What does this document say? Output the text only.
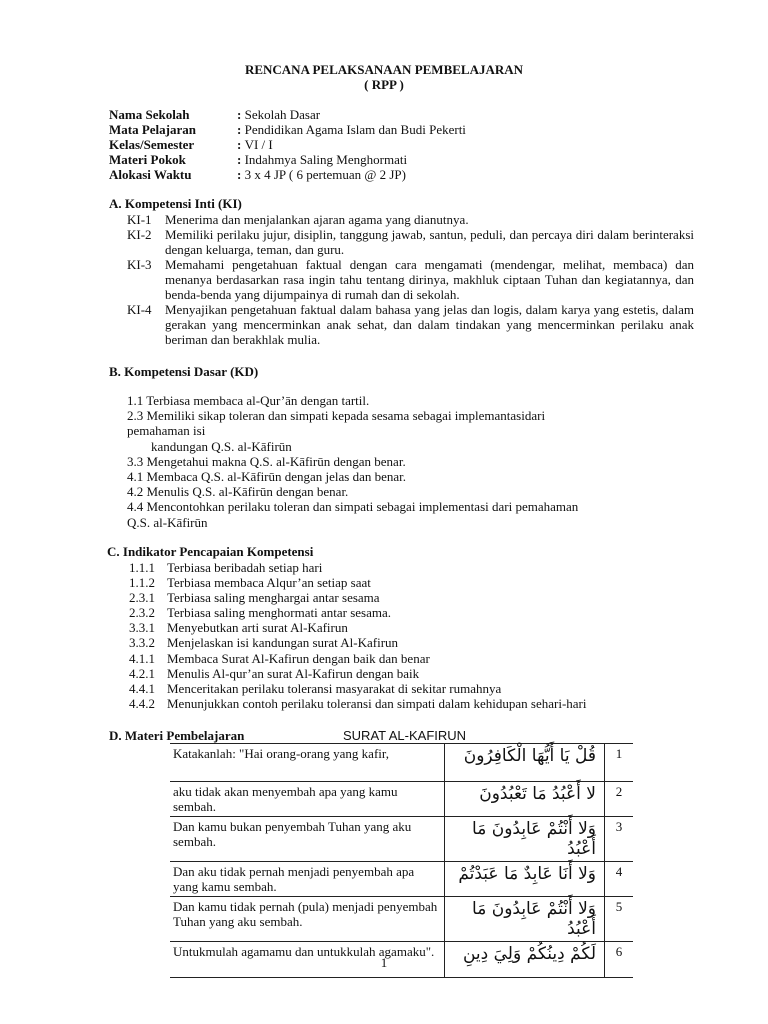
RENCANA PELAKSANAAN PEMBELAJARAN
( RPP )
Nama Sekolah	: Sekolah Dasar
Mata Pelajaran	: Pendidikan Agama Islam dan Budi Pekerti
Kelas/Semester	: VI / I
Materi Pokok	: Indahmya Saling Menghormati
Alokasi Waktu	: 3 x 4 JP ( 6 pertemuan @ 2 JP)
A. Kompetensi Inti (KI)
KI-1	Menerima dan menjalankan ajaran agama yang dianutnya.
KI-2	Memiliki perilaku jujur, disiplin, tanggung jawab, santun, peduli, dan percaya diri dalam berinteraksi dengan keluarga, teman, dan guru.
KI-3	Memahami pengetahuan faktual dengan cara mengamati (mendengar, melihat, membaca) dan menanya berdasarkan rasa ingin tahu tentang dirinya, makhluk ciptaan Tuhan dan kegiatannya, dan benda-benda yang dijumpainya di rumah dan di sekolah.
KI-4	Menyajikan pengetahuan faktual dalam bahasa yang jelas dan logis, dalam karya yang estetis, dalam gerakan yang mencerminkan anak sehat, dan dalam tindakan yang mencerminkan perilaku anak beriman dan berakhlak mulia.
B. Kompetensi Dasar (KD)
1.1 Terbiasa membaca al-Qur’ān dengan tartil.
2.3 Memiliki sikap toleran dan simpati kepada sesama sebagai implemantasidari
pemahaman isi
kandungan Q.S. al-Kāfirūn
3.3 Mengetahui makna Q.S. al-Kāfirūn dengan benar.
4.1 Membaca Q.S. al-Kāfirūn dengan jelas dan benar.
4.2 Menulis Q.S. al-Kāfirūn dengan benar.
4.4 Mencontohkan perilaku toleran dan simpati sebagai implementasi dari pemahaman
Q.S. al-Kāfirūn
C. Indikator Pencapaian Kompetensi
1.1.1 Terbiasa beribadah setiap hari
1.1.2 Terbiasa membaca Alqur’an setiap saat
2.3.1 Terbiasa saling menghargai antar sesama
2.3.2 Terbiasa saling menghormati antar sesama.
3.3.1 Menyebutkan arti surat Al-Kafirun
3.3.2 Menjelaskan isi kandungan surat Al-Kafirun
4.1.1 Membaca Surat Al-Kafirun dengan baik dan benar
4.2.1 Menulis Al-qur’an surat Al-Kafirun dengan baik
4.4.1 Menceritakan perilaku toleransi masyarakat di sekitar rumahnya
4.4.2 Menunjukkan contoh perilaku toleransi dan simpati dalam kehidupan sehari-hari
D. Materi Pembelajaran	SURAT AL-KAFIRUN
Katakanlah: "Hai orang-orang yang kafir,	قُلْ يَا أَيُّهَا الْكَافِرُونَ	1
aku tidak akan menyembah apa yang kamu sembah.	لا أَعْبُدُ مَا تَعْبُدُونَ	2
Dan kamu bukan penyembah Tuhan yang aku sembah.	وَلا أَنْتُمْ عَابِدُونَ مَا أَعْبُدُ	3
Dan aku tidak pernah menjadi penyembah apa yang kamu sembah.	وَلا أَنَا عَابِدٌ مَا عَبَدْتُمْ	4
Dan kamu tidak pernah (pula) menjadi penyembah Tuhan yang aku sembah.	وَلا أَنْتُمْ عَابِدُونَ مَا أَعْبُدُ	5
Untukmulah agamamu dan untukkulah agamaku".	لَكُمْ دِينُكُمْ وَلِيَ دِينِ	6
1
